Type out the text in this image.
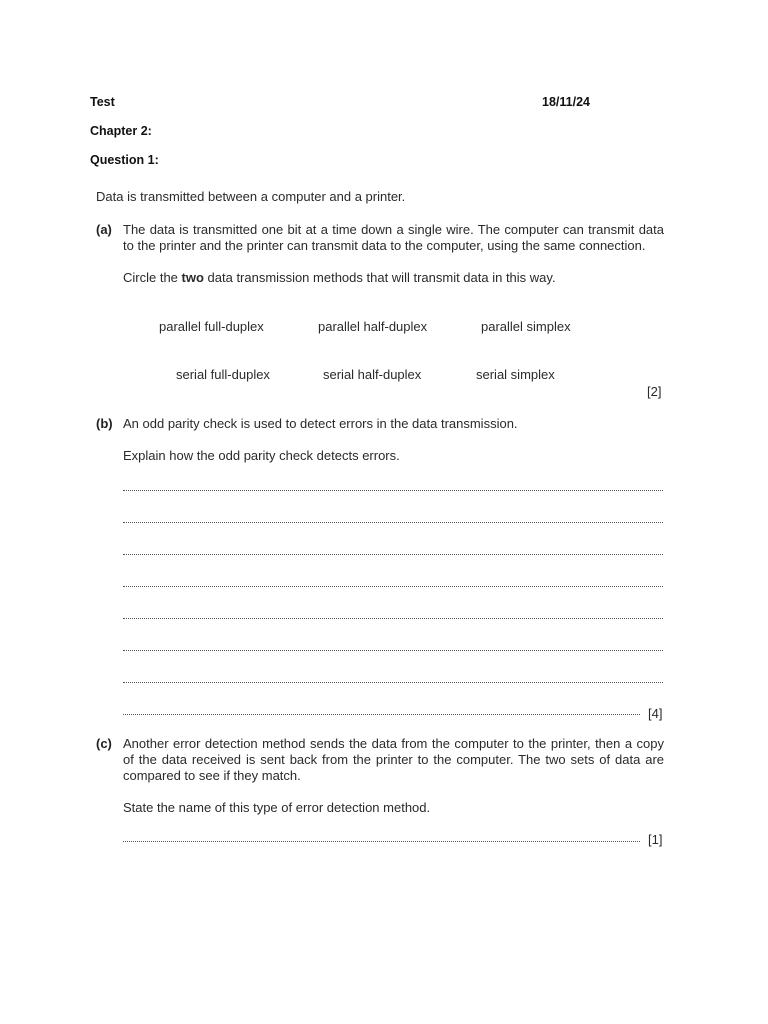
Test	18/11/24
Chapter 2:
Question 1:
Data is transmitted between a computer and a printer.
(a) The data is transmitted one bit at a time down a single wire. The computer can transmit data
to the printer and the printer can transmit data to the computer, using the same connection.
Circle the two data transmission methods that will transmit data in this way.
parallel full-duplex	parallel half-duplex	parallel simplex
serial full-duplex	serial half-duplex	serial simplex
[2]
(b) An odd parity check is used to detect errors in the data transmission.
Explain how the odd parity check detects errors.
[4]
(c) Another error detection method sends the data from the computer to the printer, then a copy
of the data received is sent back from the printer to the computer. The two sets of data are
compared to see if they match.
State the name of this type of error detection method.
[1]
